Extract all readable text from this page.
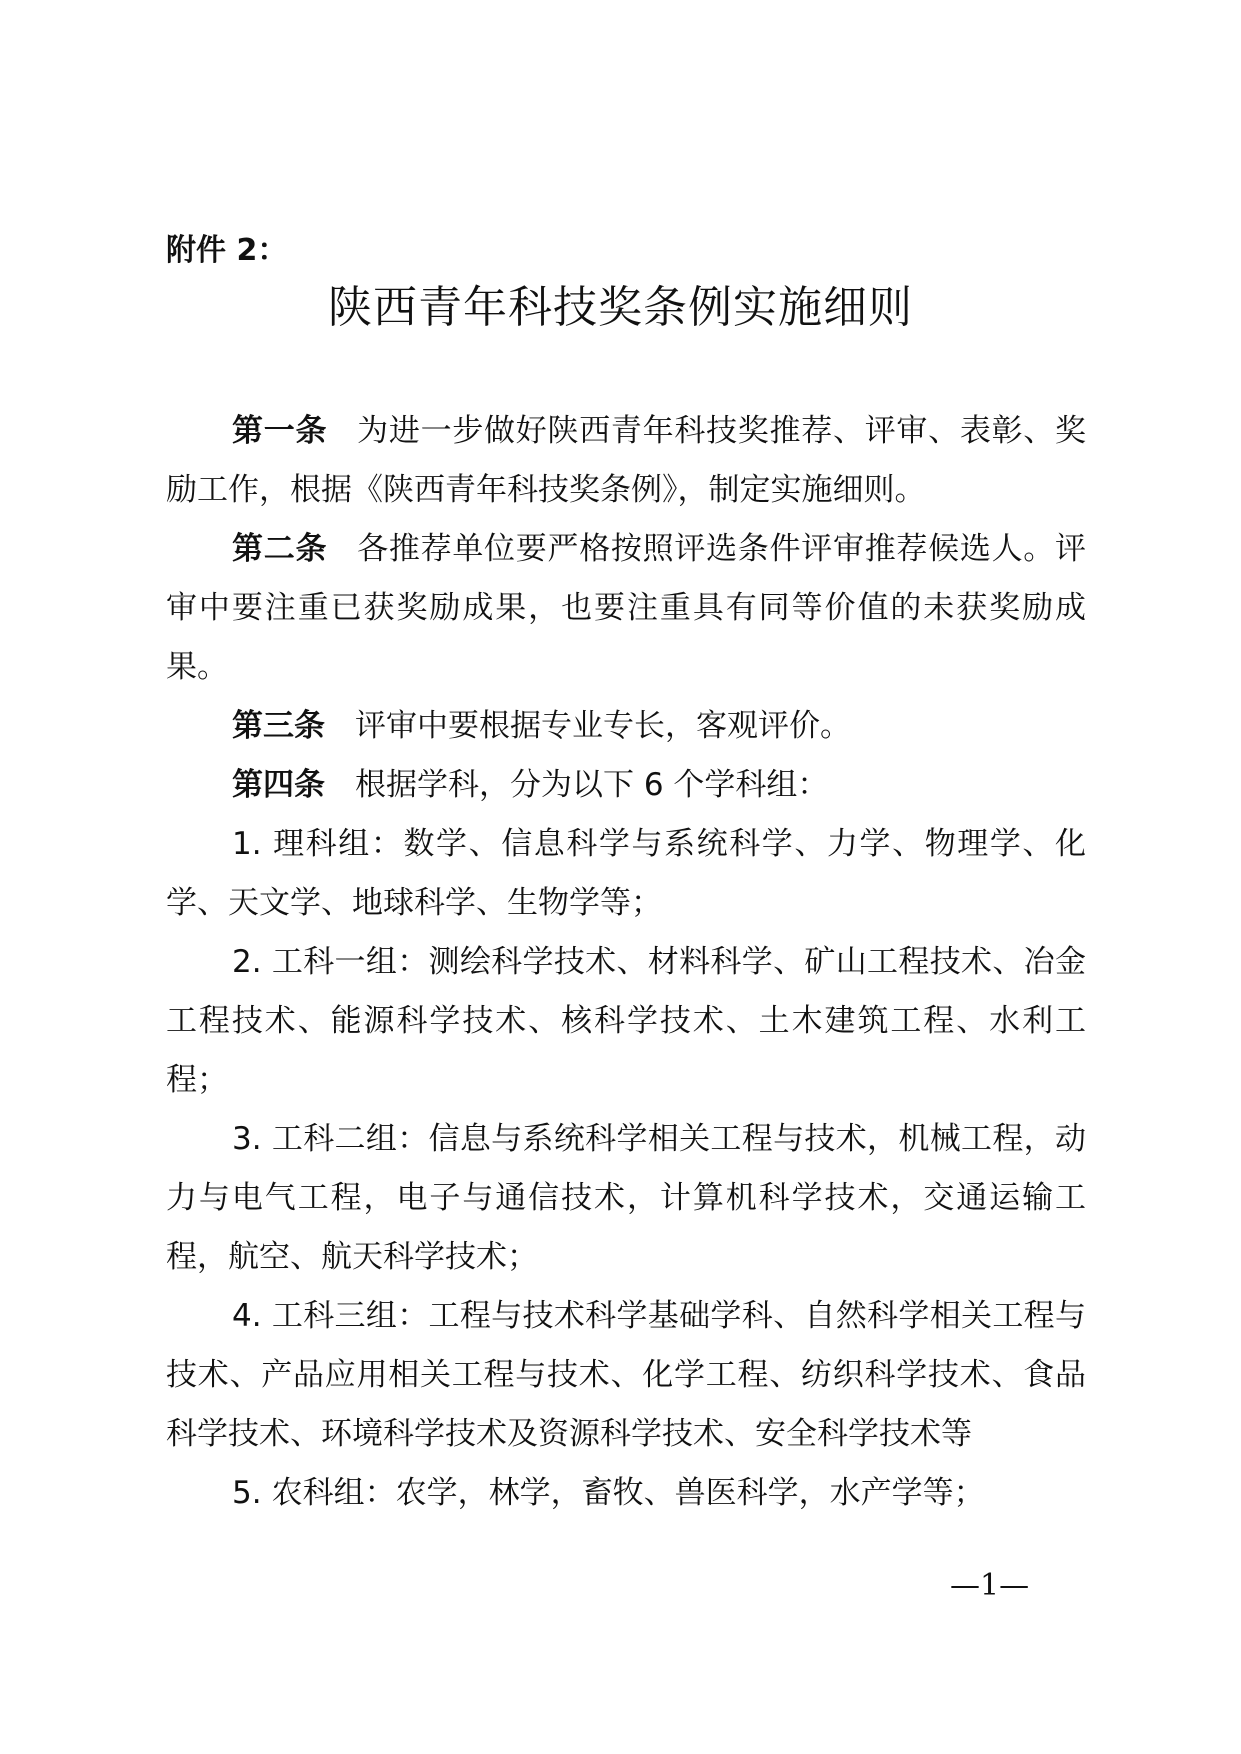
附件 2：

陕西青年科技奖条例实施细则

第一条 为进一步做好陕西青年科技奖推荐、评审、表彰、奖励工作，根据《陕西青年科技奖条例》，制定实施细则。

第二条 各推荐单位要严格按照评选条件评审推荐候选人。评审中要注重已获奖励成果，也要注重具有同等价值的未获奖励成果。

第三条 评审中要根据专业专长，客观评价。

第四条 根据学科，分为以下 6 个学科组：

1. 理科组：数学、信息科学与系统科学、力学、物理学、化学、天文学、地球科学、生物学等；

2. 工科一组：测绘科学技术、材料科学、矿山工程技术、冶金工程技术、能源科学技术、核科学技术、土木建筑工程、水利工程；

3. 工科二组：信息与系统科学相关工程与技术，机械工程，动力与电气工程，电子与通信技术，计算机科学技术，交通运输工程，航空、航天科学技术；

4. 工科三组：工程与技术科学基础学科、自然科学相关工程与技术、产品应用相关工程与技术、化学工程、纺织科学技术、食品科学技术、环境科学技术及资源科学技术、安全科学技术等

5. 农科组：农学，林学，畜牧、兽医科学，水产学等；

—1—
